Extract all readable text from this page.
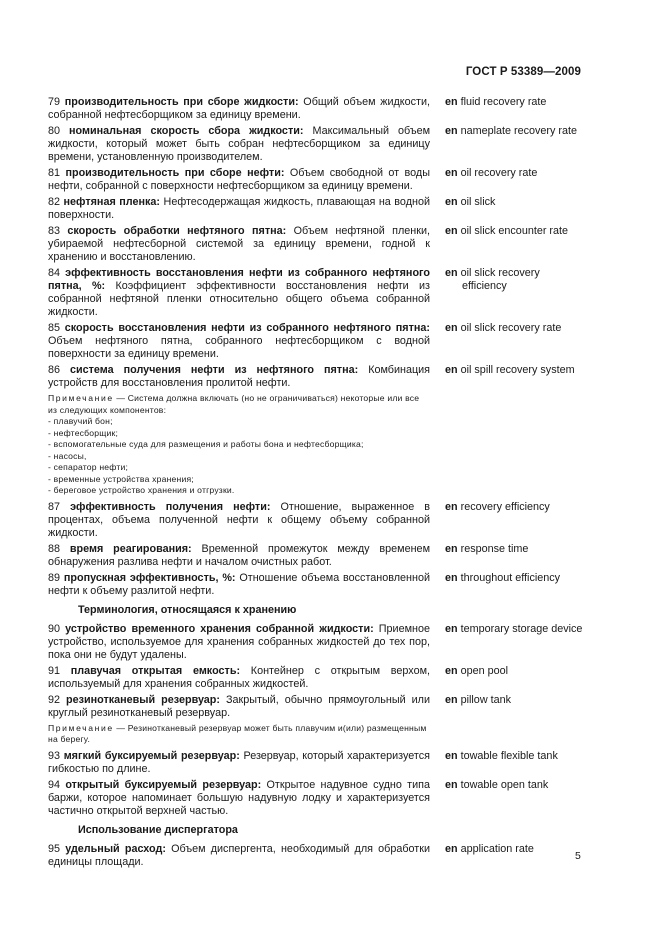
ГОСТ Р 53389—2009
79 производительность при сборе жидкости: Общий объем жидкости, собранной нефтесборщиком за единицу времени.
en fluid recovery rate
80 номинальная скорость сбора жидкости: Максимальный объем жидкости, который может быть собран нефтесборщиком за единицу времени, установленную производителем.
en nameplate recovery rate
81 производительность при сборе нефти: Объем свободной от воды нефти, собранной с поверхности нефтесборщиком за единицу времени.
en oil recovery rate
82 нефтяная пленка: Нефтесодержащая жидкость, плавающая на водной поверхности.
en oil slick
83 скорость обработки нефтяного пятна: Объем нефтяной пленки, убираемой нефтесборной системой за единицу времени, годной к хранению и восстановлению.
en oil slick encounter rate
84 эффективность восстановления нефти из собранного нефтяного пятна, %: Коэффициент эффективности восстановления нефти из собранной нефтяной пленки относительно общего объема собранной жидкости.
en oil slick recovery
efficiency
85 скорость восстановления нефти из собранного нефтяного пятна: Объем нефтяного пятна, собранного нефтесборщиком с водной поверхности за единицу времени.
en oil slick recovery rate
86 система получения нефти из нефтяного пятна: Комбинация устройств для восстановления пролитой нефти.
en oil spill recovery system
Примечание — Система должна включать (но не ограничиваться) некоторые или все из следующих компонентов:
- плавучий бон;
- нефтесборщик;
- вспомогательные суда для размещения и работы бона и нефтесборщика;
- насосы,
- сепаратор нефти;
- временные устройства хранения;
- береговое устройство хранения и отгрузки.
87 эффективность получения нефти: Отношение, выраженное в процентах, объема полученной нефти к общему объему собранной жидкости.
en recovery efficiency
88 время реагирования: Временной промежуток между временем обнаружения разлива нефти и началом очистных работ.
en response time
89 пропускная эффективность, %: Отношение объема восстановленной нефти к объему разлитой нефти.
en throughout efficiency
Терминология, относящаяся к хранению
90 устройство временного хранения собранной жидкости: Приемное устройство, используемое для хранения собранных жидкостей до тех пор, пока они не будут удалены.
en temporary storage device
91 плавучая открытая емкость: Контейнер с открытым верхом, используемый для хранения собранных жидкостей.
en open pool
92 резинотканевый резервуар: Закрытый, обычно прямоугольный или круглый резинотканевый резервуар.
en pillow tank
Примечание — Резинотканевый резервуар может быть плавучим и(или) размещенным на берегу.
93 мягкий буксируемый резервуар: Резервуар, который характеризуется гибкостью по длине.
en towable flexible tank
94 открытый буксируемый резервуар: Открытое надувное судно типа баржи, которое напоминает большую надувную лодку и характеризуется частично открытой верхней частью.
en towable open tank
Использование диспергатора
95 удельный расход: Объем диспергента, необходимый для обработки единицы площади.
en application rate
5
